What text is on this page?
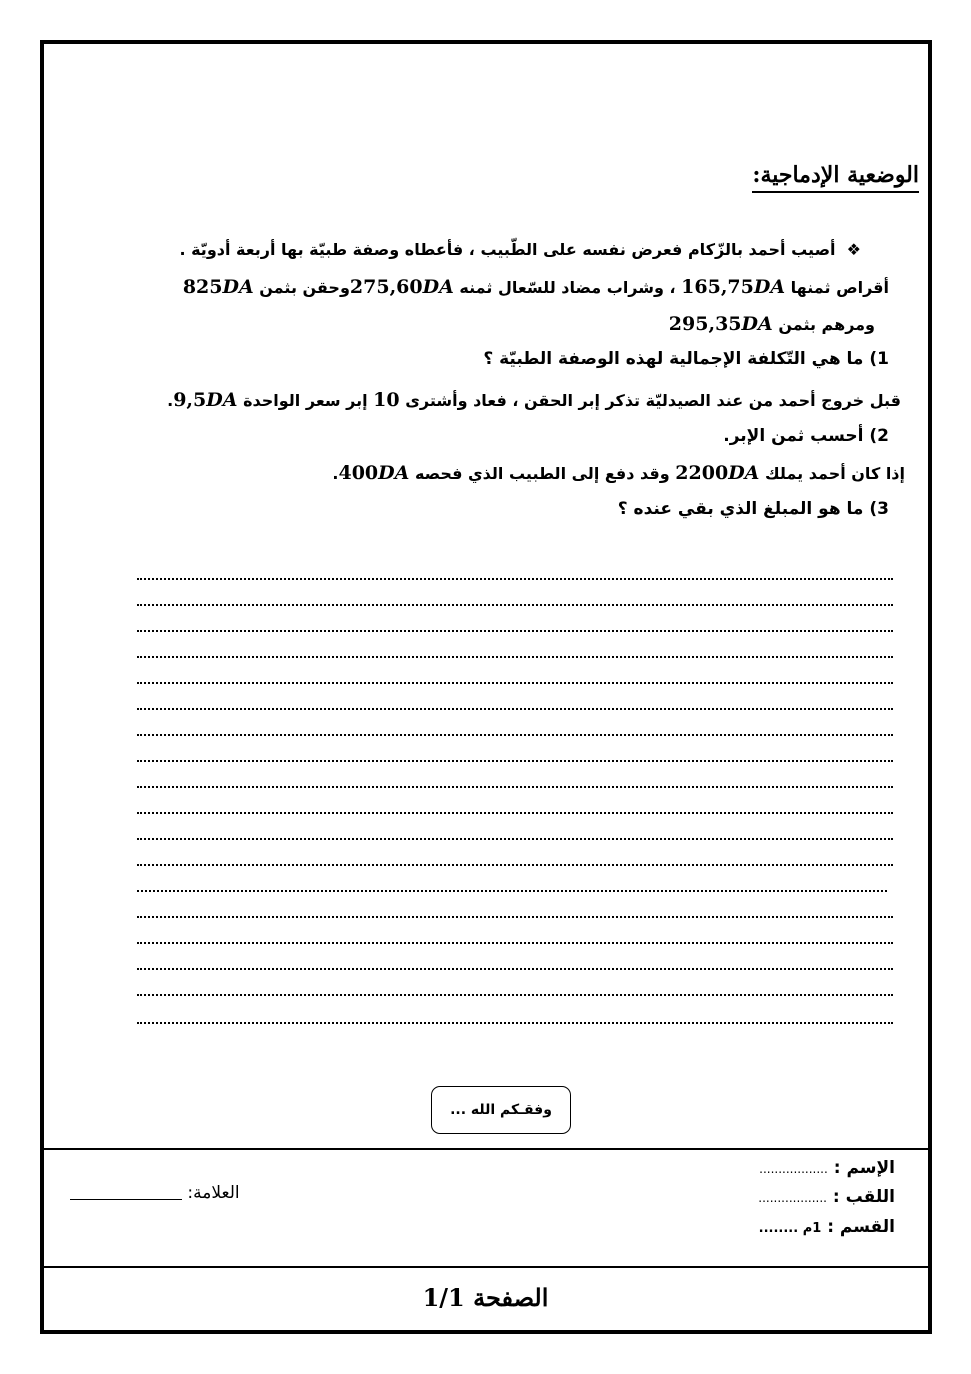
الوضعية الإدماجية:
❖  أصيب أحمد بالزّكام فعرض نفسه على الطّبيب ، فأعطاه وصفة طبيّة بها أربعة أدويّة .
أقراص ثمنها 165,75DA ، وشراب مضاد للسّعال ثمنه 275,60DAوحقن بثمن 825DA
ومرهم بثمن 295,35DA
1) ما هي التّكلفة الإجمالية لهذه الوصفة الطبيّة ؟
قبل خروج أحمد من عند الصيدليّة تذكر إبر الحقن ، فعاد وأشترى 10 إبر سعر الواحدة 9,5DA.
2) أحسب ثمن الإبر.
إذا كان أحمد يملك 2200DA وقد دفع إلى الطبيب الذي فحصه 400DA.
3) ما هو المبلغ الذي بقي عنده ؟
وفقـكم الله ...
الإسم : ..................
اللقب : ..................
القسم : 1م ........
العلامة:
1/1 الصفحة
